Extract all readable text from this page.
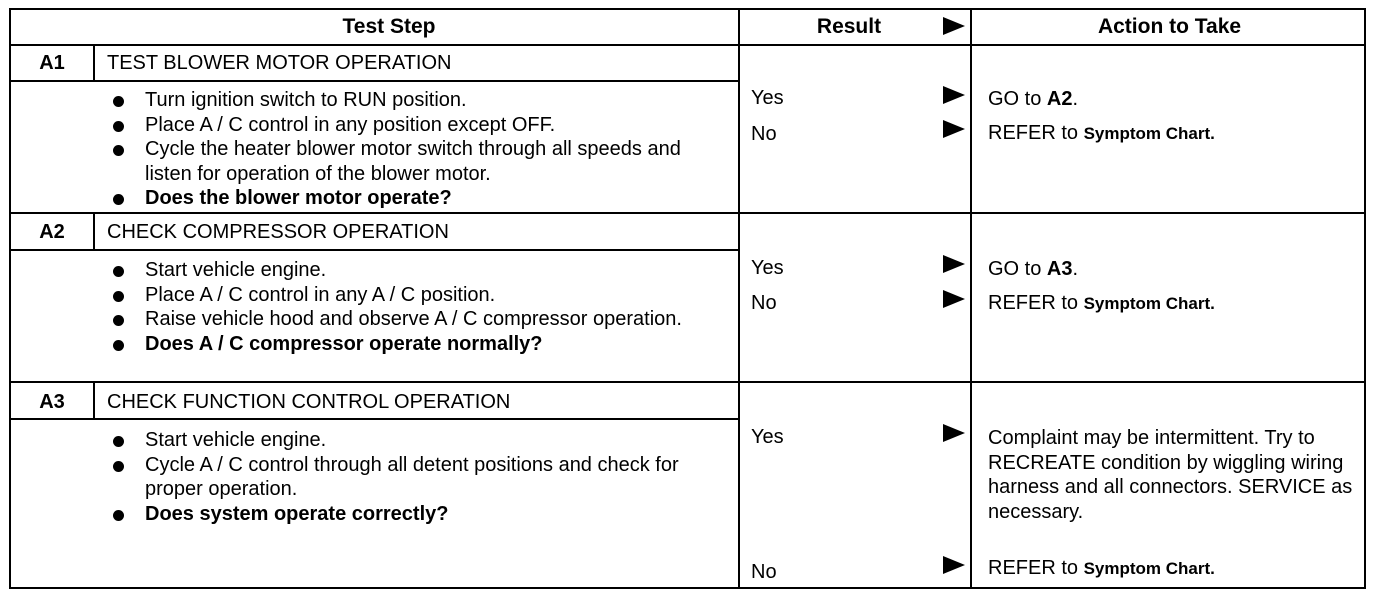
Test Step	Result	Action to Take
A1	TEST BLOWER MOTOR OPERATION
Turn ignition switch to RUN position.
Place A / C control in any position except OFF.
Cycle the heater blower motor switch through all speeds and listen for operation of the blower motor.
Does the blower motor operate?
Yes	GO to A2.
No	REFER to Symptom Chart.
A2	CHECK COMPRESSOR OPERATION
Start vehicle engine.
Place A / C control in any A / C position.
Raise vehicle hood and observe A / C compressor operation.
Does A / C compressor operate normally?
Yes	GO to A3.
No	REFER to Symptom Chart.
A3	CHECK FUNCTION CONTROL OPERATION
Start vehicle engine.
Cycle A / C control through all detent positions and check for proper operation.
Does system operate correctly?
Yes	Complaint may be intermittent. Try to RECREATE condition by wiggling wiring harness and all connectors. SERVICE as necessary.
No	REFER to Symptom Chart.
